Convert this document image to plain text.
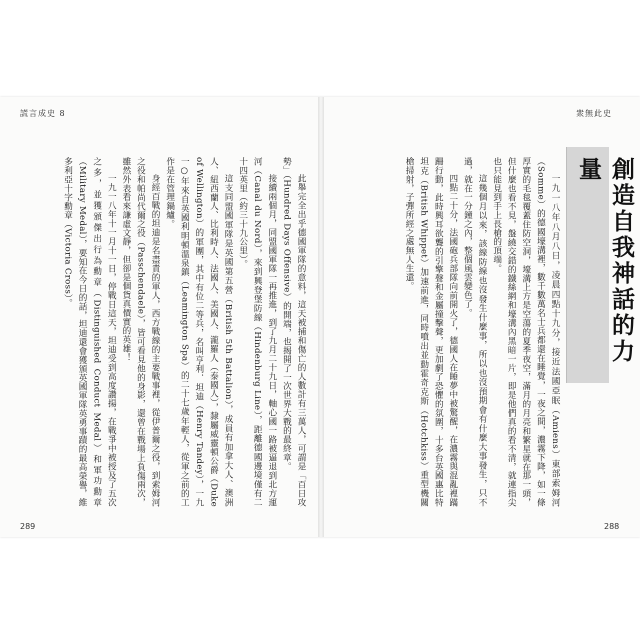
謊言成史 8
289

此舉完全出乎德國軍隊的意料，這天被捕和傷亡的人數計有三萬人，可謂是「百日攻勢」（Hundred Days Offensive）的開端，也揭開了一次世界大戰的最終章。

接續兩個月，同盟國軍隊一再推進，到了九月二十九日，軸心國一路被逼退到北方運河（Canal du Nord），來到興登堡防線（Hindenburg Line），距離德國邊境僅有二十四英里（約三十九公里）。

這支同盟國軍隊是英國第五營（British 5th Battalion），成員有加拿大人、澳洲人、紐西蘭人、比利時人、法國人、美國人、瀧羅人（泰國人），隸屬威靈頓公爵（Duke of Wellington）的軍團，其中有位二等兵，名叫亨利．坦迪（Henry Tandey），一九一○年來自英國利明頓溫泉鎮（Leamington Spa）的二十七歲年輕人，從軍之前的工作是在管理鍋爐。

身經百戰的坦迪是名盡責的軍人，西方戰線的主要戰事裡，從伊普爾之役，到索姆河之役和帕尚代爾之役（Passchendaele），皆可看見他的身影，還曾在戰場上負傷兩次，雖然外表看來謙虛文靜，但卻是個貨真價實的英雄！

一九一八年十一月十一日，停戰日這天，坦迪受到高度讚揚，在戰爭中被授及了五次之多，並獲頒傑出行為勳章（Distinguished Conduct Medal）和軍功勳章（Military Medal），要知在今日的話，坦迪還會獲頒英國軍隊英勇事蹟的最高榮譽，維多利亞十字勳章（Victoria Cross）。

衆無此史
288
創造自我神話的力量

一九一八年八月八日，凌晨四點十九分，接近法國亞眠（Amiens）東部索姆河（Somme）的德國壕溝裡，數千數萬名士兵都還在睡覺，一夜之間，濃霧下降，如一條厚實的毛毯覆蓋住防空洞，壕溝上方是空蕩的夏季夜空，滿月的月亮和繁星就在那一頭，但什麼也看不見，盤繞交錯的鐵絲網和壕溝內黑暗一片，即是他們真的看不清，就連指尖也只能見到手上長槍的頂端。

這幾個月以來，該線防線也沒發生什麼事，所以也沒預期會有什麼大事發生，只不過，就在一分鐘之內，整個風雲變色了。

四點二十分，法國砲兵部隊向前開火了，德國人在睡夢中被驚醒，在濃霧與混亂裡蹣跚行動，此時興耳欲聾的引擎聲和金屬撞擊聲，更加劇了恐懼的氛圍，十多台英國惠比特坦克（British Whippet）加速前進，同時噴出並動霍奇克斯（Hotchkiss）重型機關槍掃射，子彈所經之處無人生還。
